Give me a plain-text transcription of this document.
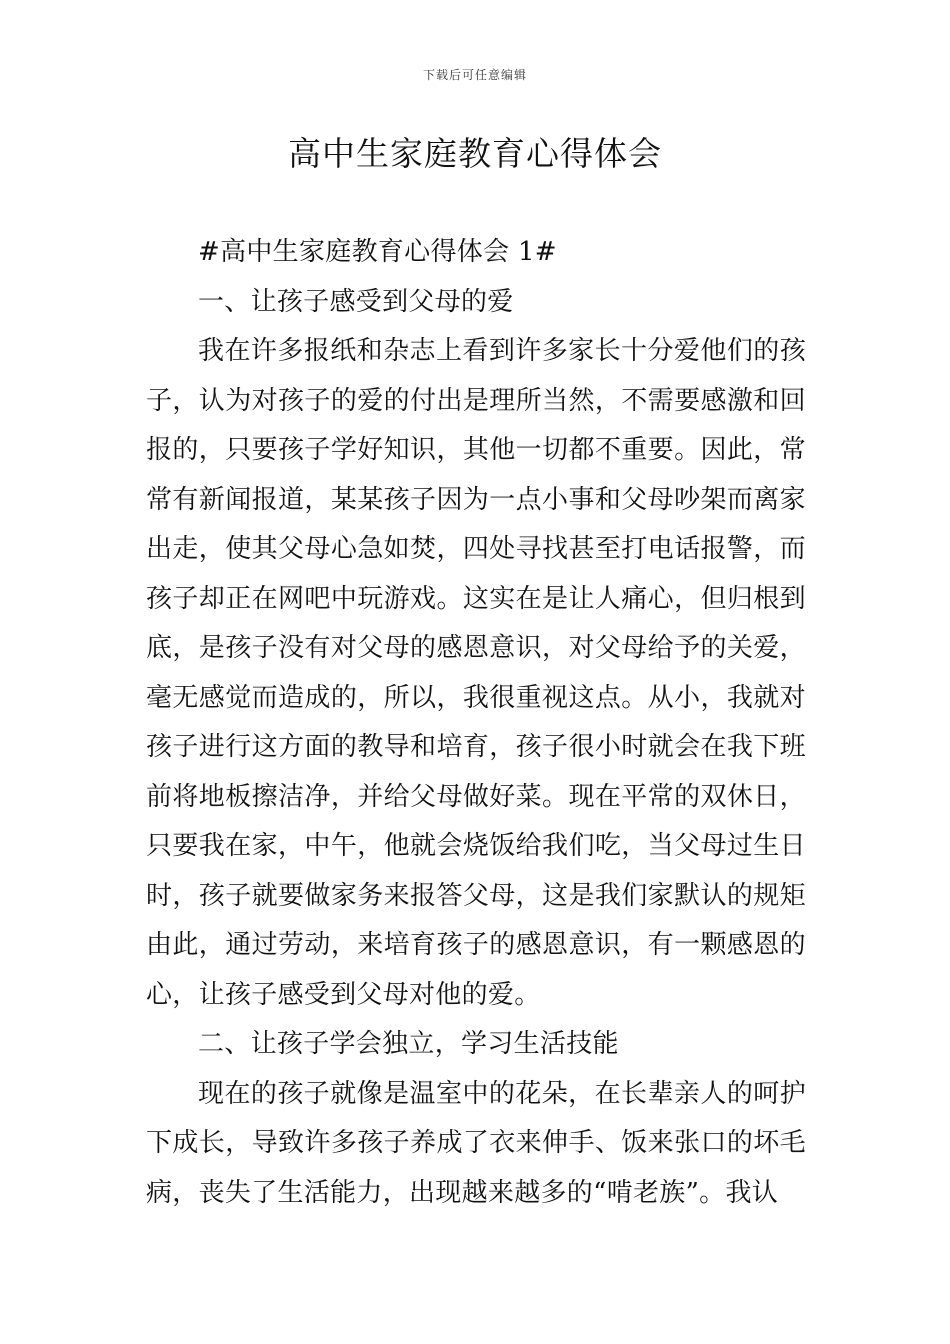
下载后可任意编辑
高中生家庭教育心得体会

#高中生家庭教育心得体会 1#

一、让孩子感受到父母的爱

我在许多报纸和杂志上看到许多家长十分爱他们的孩子，认为对孩子的爱的付出是理所当然，不需要感激和回报的，只要孩子学好知识，其他一切都不重要。因此，常常有新闻报道，某某孩子因为一点小事和父母吵架而离家出走，使其父母心急如焚，四处寻找甚至打电话报警，而孩子却正在网吧中玩游戏。这实在是让人痛心，但归根到底，是孩子没有对父母的感恩意识，对父母给予的关爱，毫无感觉而造成的，所以，我很重视这点。从小，我就对孩子进行这方面的教导和培育，孩子很小时就会在我下班前将地板擦洁净，并给父母做好菜。现在平常的双休日，只要我在家，中午，他就会烧饭给我们吃，当父母过生日时，孩子就要做家务来报答父母，这是我们家默认的规矩由此，通过劳动，来培育孩子的感恩意识，有一颗感恩的心，让孩子感受到父母对他的爱。

二、让孩子学会独立，学习生活技能

现在的孩子就像是温室中的花朵，在长辈亲人的呵护下成长，导致许多孩子养成了衣来伸手、饭来张口的坏毛病，丧失了生活能力，出现越来越多的“啃老族”。我认
